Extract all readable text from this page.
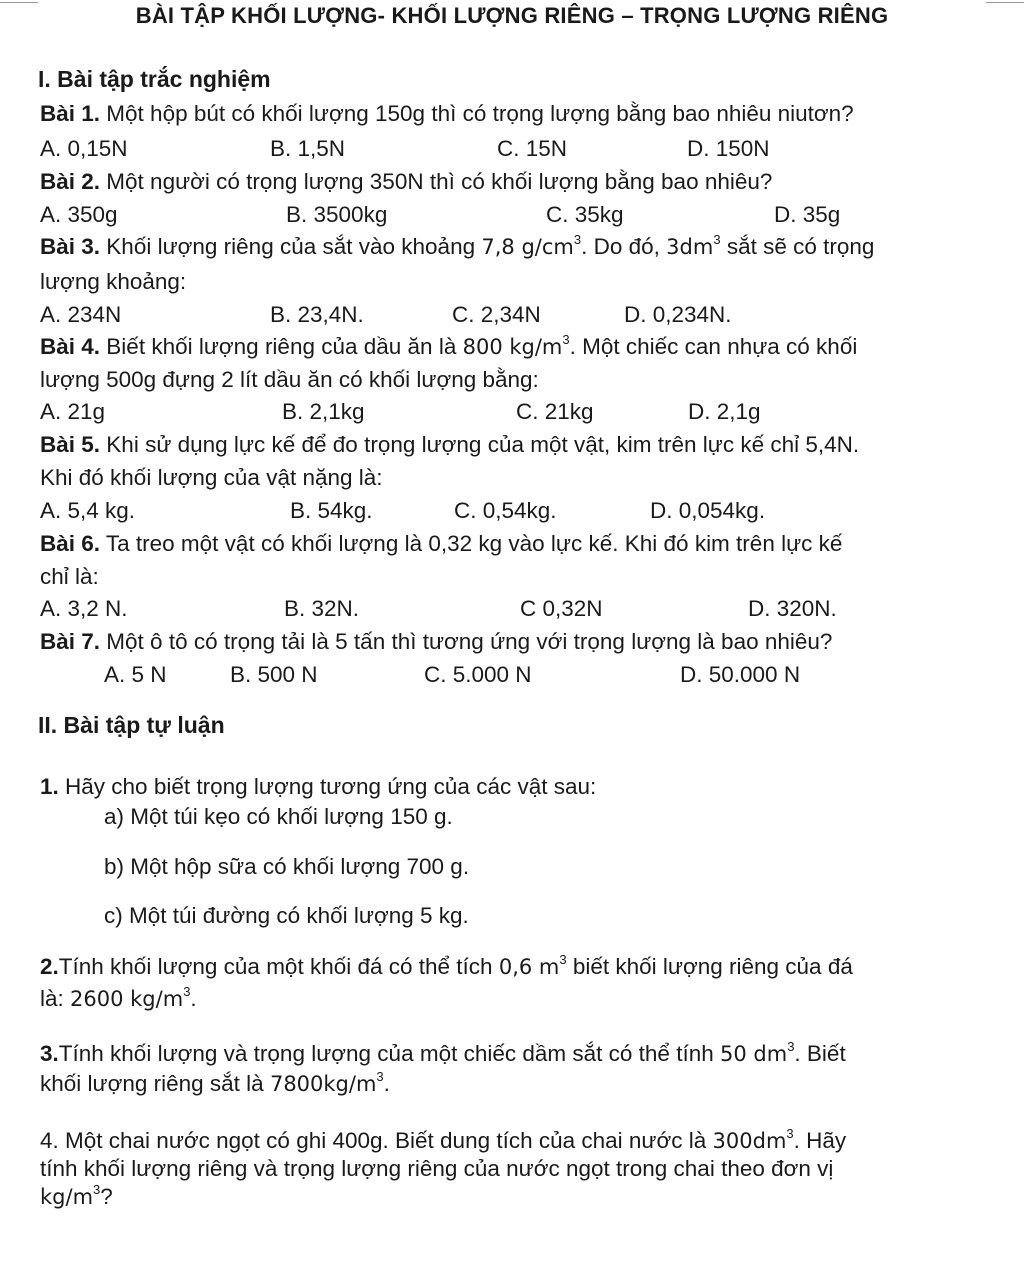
BÀI TẬP KHỐI LƯỢNG- KHỐI LƯỢNG RIÊNG – TRỌNG LƯỢNG RIÊNG
I. Bài tập trắc nghiệm
Bài 1. Một hộp bút có khối lượng 150g thì có trọng lượng bằng bao nhiêu niutơn?
A. 0,15N	B. 1,5N	C. 15N	D. 150N
Bài 2. Một người có trọng lượng 350N thì có khối lượng bằng bao nhiêu?
A. 350g	B. 3500kg	C. 35kg	D. 35g
Bài 3. Khối lượng riêng của sắt vào khoảng 7,8 $g/cm^3$. Do đó, $3dm^3$ sắt sẽ có trọng
lượng khoảng:
A. 234N	B. 23,4N.	C. 2,34N	D. 0,234N.
Bài 4. Biết khối lượng riêng của dầu ăn là 800 $kg/m^3$. Một chiếc can nhựa có khối
lượng 500g đựng 2 lít dầu ăn có khối lượng bằng:
A. 21g	B. 2,1kg	C. 21kg	D. 2,1g
Bài 5. Khi sử dụng lực kế để đo trọng lượng của một vật, kim trên lực kế chỉ 5,4N.
Khi đó khối lượng của vật nặng là:
A. 5,4 kg.	B. 54kg.	C. 0,54kg.	D. 0,054kg.
Bài 6. Ta treo một vật có khối lượng là 0,32 kg vào lực kế. Khi đó kim trên lực kế
chỉ là:
A. 3,2 N.	B. 32N.	C 0,32N	D. 320N.
Bài 7. Một ô tô có trọng tải là 5 tấn thì tương ứng với trọng lượng là bao nhiêu?
A. 5 N	B. 500 N	C. 5.000 N	D. 50.000 N
II. Bài tập tự luận
1. Hãy cho biết trọng lượng tương ứng của các vật sau:
a) Một túi kẹo có khối lượng 150 g.
b) Một hộp sữa có khối lượng 700 g.
c) Một túi đường có khối lượng 5 kg.
2.Tính khối lượng của một khối đá có thể tích 0,6 $m^3$ biết khối lượng riêng của đá
là: 2600 $kg/m^3$.
3.Tính khối lượng và trọng lượng của một chiếc dầm sắt có thể tính 50 $dm^3$. Biết
khối lượng riêng sắt là $7800kg/m^3$.
4. Một chai nước ngọt có ghi 400g. Biết dung tích của chai nước là $300dm^3$. Hãy
tính khối lượng riêng và trọng lượng riêng của nước ngọt trong chai theo đơn vị
$kg/m^3$?
